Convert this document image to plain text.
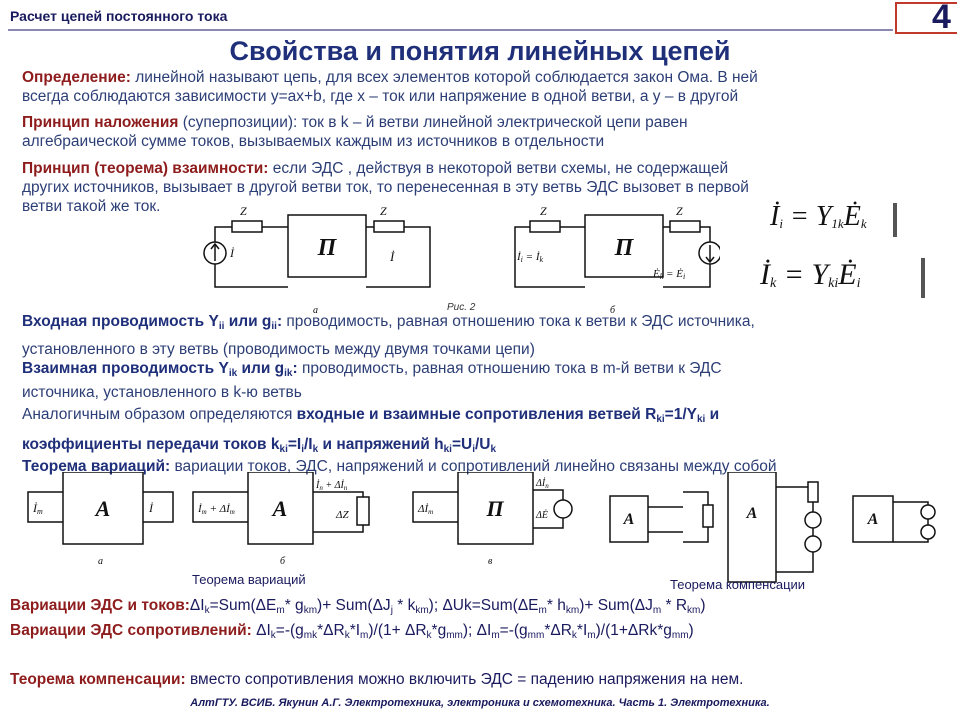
Расчет цепей постоянного тока	4
Свойства и понятия линейных цепей
Определение: линейной называют цепь, для всех элементов которой соблюдается закон Ома. В ней
всегда соблюдаются зависимости y=ax+b, где x – ток или напряжение в одной ветви, а y – в другой
Принцип наложения (суперпозиции): ток в k – й ветви линейной электрической цепи равен
алгебраической сумме токов, вызываемых каждым из источников в отдельности
Принцип (теорема) взаимности: если ЭДС , действуя в некоторой ветви схемы, не содержащей
других источников, вызывает в другой ветви ток, то перенесенная в эту ветвь ЭДС вызовет в первой
ветви такой же ток.
П	П
Z	Z	Z	Z
İ	İ	İi = İk
Ėk = Ėi
а	б
$İ_i$ = $Y_{1k}Ė_k$
$İ_k$ = $Y_{ki}Ė_i$
Входная проводимость $Y_{ii}$ или $g_{ii}$: проводимость, равная отношению тока к ветви к ЭДС источника,
установленного в эту ветвь (проводимость между двумя точками цепи)
Рис. 2
Взаимная проводимость $Y_{ik}$ или $g_{ik}$: проводимость, равная отношению тока в m-й ветви к ЭДС
источника, установленного в k-ю ветвь
Аналогичным образом определяются входные и взаимные сопротивления ветвей $R_{ki}=1/Y_{ki}$ и
коэффициенты передачи токов $k_{ki}=I_i/I_k$ и напряжений $h_{ki}=U_i/U_k$
Теорема вариаций: вариации токов, ЭДС, напряжений и сопротивлений линейно связаны между собой
A	A	П	A	A	A
İm	İ	İm + Δİm
$İ_n$ + $\Delta İ_n$
ΔZ	Δİm
$\Delta İ_n$
ΔĖ
а	б	в
Теорема вариаций	Теорема компенсации
Вариации ЭДС и $токов:\Delta I_k=Sum(\Delta E_m*$ $g_{km})+ Sum(\Delta J_j * k_{km})$; $\Delta Uk=Sum(\Delta E_m*$ $h_{km})+ Sum(\Delta J_m * R_{km})$
Вариации ЭДС сопротивлений: $\Delta I_k=-(g_{mk}*\Delta R_k*I_m)/(1+ \Delta R_k*g_{mm})$; $\Delta I_m=-(g_{mm}*\Delta R_k*I_m)/(1+\Delta Rk*g_{mm})$
Теорема компенсации: вместо сопротивления можно включить ЭДС = падению напряжения на нем.
АлтГТУ. ВСИБ. Якунин А.Г. Электротехника, электроника и схемотехника. Часть 1. Электротехника.
